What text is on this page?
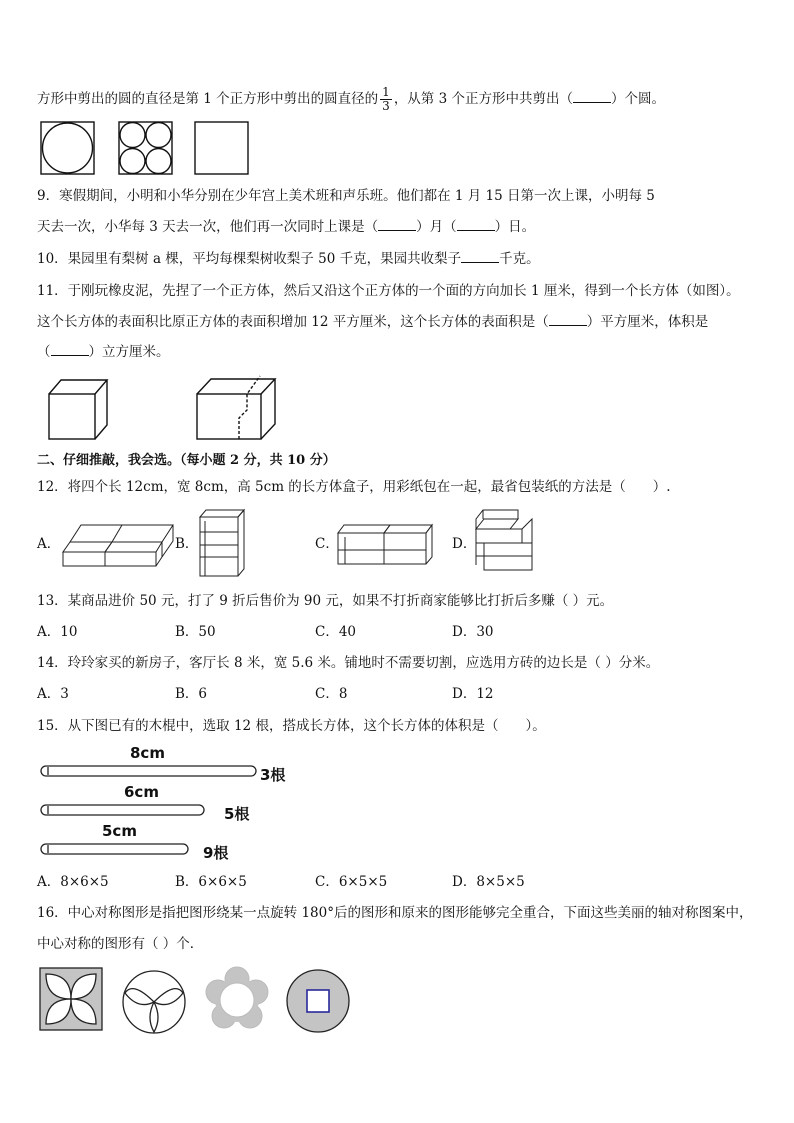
方形中剪出的圆的直径是第 1 个正方形中剪出的圆直径的 $\frac{1}{3}$ ，从第 3 个正方形中共剪出（	）个圆。
9．寒假期间，小明和小华分别在少年宫上美术班和声乐班。他们都在 1 月 15 日第一次上课，小明每 5
天去一次，小华每 3 天去一次，他们再一次同时上课是（	）月（	）日。
10．果园里有梨树 a 棵，平均每棵梨树收梨子 50 千克，果园共收梨子	千克。
11．于刚玩橡皮泥，先捏了一个正方体，然后又沿这个正方体的一个面的方向加长 1 厘米，得到一个长方体（如图）。
这个长方体的表面积比原正方体的表面积增加 12 平方厘米，这个长方体的表面积是（	）平方厘米，体积是
（	）立方厘米。
二、仔细推敲，我会选。（每小题 2 分，共 10 分）
12．将四个长 12cm，宽 8cm，高 5cm 的长方体盒子，用彩纸包在一起，最省包装纸的方法是（　　）.
A．	B．	C．	D．
13．某商品进价 50 元，打了 9 折后售价为 90 元，如果不打折商家能够比打折后多赚（ ）元。
A．10	B．50	C．40	D．30
14．玲玲家买的新房子，客厅长 8 米，宽 5.6 米。铺地时不需要切割，应选用方砖的边长是（ ）分米。
A．3	B．6	C．8	D．12
15．从下图已有的木棍中，选取 12 根，搭成长方体，这个长方体的体积是（　　）。
8cm
3根
6cm
5根
5cm
9根
A．8×6×5	B．6×6×5	C．6×5×5	D．8×5×5
16．中心对称图形是指把图形绕某一点旋转 180°后的图形和原来的图形能够完全重合，下面这些美丽的轴对称图案中，
中心对称的图形有（ ）个．
